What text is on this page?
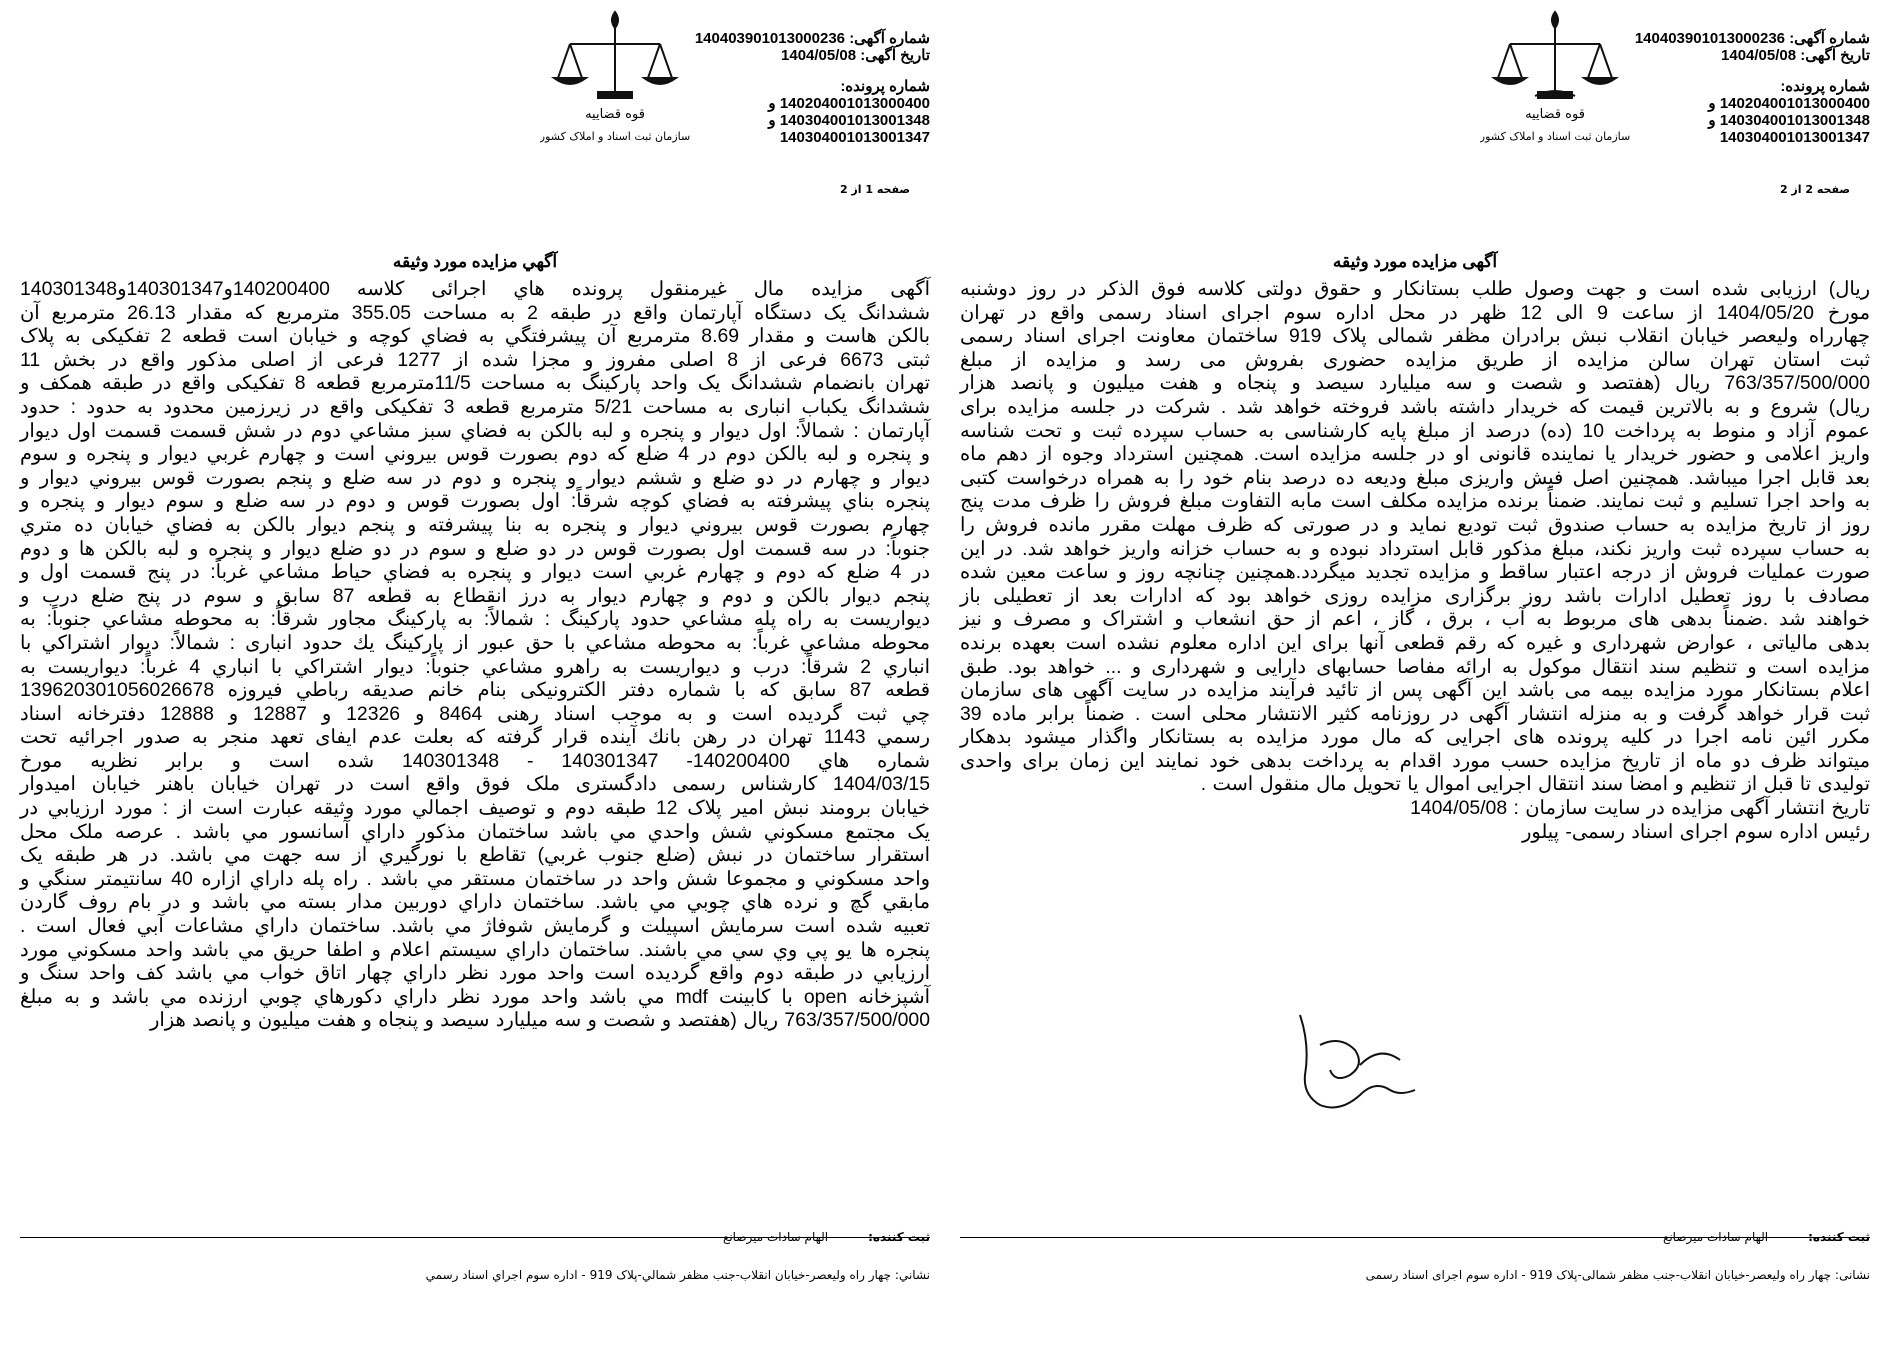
قوه قضاییه
سازمان ثبت اسناد و املاک کشور
شماره آگهی: 140403901013000236
تاریخ آگهی: 1404/05/08
شماره پرونده: 140204001013000400 و
140304001013001348 و
140304001013001347
صفحه 2 از 2
آگهی مزایده مورد وثیقه
ریال) ارزیابی شده است و جهت وصول طلب بستانکار و حقوق دولتی کلاسه فوق الذکر در روز دوشنبه
مورخ 1404/05/20 از ساعت 9 الی 12 ظهر در محل اداره سوم اجرای اسناد رسمی واقع در تهران
چهارراه ولیعصر خیابان انقلاب نبش برادران مظفر شمالی پلاک 919 ساختمان معاونت اجرای اسناد رسمی
ثبت استان تهران سالن مزایده از طریق مزایده حضوری بفروش می رسد و مزایده از مبلغ
763/357/500/000 ریال (هفتصد و شصت و سه میلیارد سیصد و پنجاه و هفت میلیون و پانصد هزار
ریال) شروع و به بالاترین قیمت که خریدار داشته باشد فروخته خواهد شد . شرکت در جلسه مزایده برای
عموم آزاد و منوط به پرداخت 10 (ده) درصد از مبلغ پایه کارشناسی به حساب سپرده ثبت و تحت شناسه
واریز اعلامی و حضور خریدار یا نماینده قانونی او در جلسه مزایده است. همچنین استرداد وجوه از دهم ماه
بعد قابل اجرا میباشد. همچنین اصل فیش واریزی مبلغ ودیعه ده درصد بنام خود را به همراه درخواست کتبی
به واحد اجرا تسلیم و ثبت نمایند. ضمناً برنده مزایده مکلف است مابه التفاوت مبلغ فروش را ظرف مدت پنج
روز از تاریخ مزایده به حساب صندوق ثبت تودیع نماید و در صورتی که ظرف مهلت مقرر مانده فروش را
به حساب سپرده ثبت واریز نکند، مبلغ مذکور قابل استرداد نبوده و به حساب خزانه واریز خواهد شد. در این
صورت عملیات فروش از درجه اعتبار ساقط و مزایده تجدید میگردد.همچنین چنانچه روز و ساعت معین شده
مصادف با روز تعطیل ادارات باشد روز برگزاری مزایده روزی خواهد بود که ادارات بعد از تعطیلی باز
خواهند شد .ضمناً بدهی های مربوط به آب ، برق ، گاز ، اعم از حق انشعاب و اشتراک و مصرف و نیز
بدهی مالیاتی ، عوارض شهرداری و غیره که رقم قطعی آنها برای این اداره معلوم نشده است بعهده برنده
مزایده است و تنظیم سند انتقال موکول به ارائه مفاصا حسابهای دارایی و شهرداری و ... خواهد بود. طبق
اعلام بستانکار مورد مزایده بیمه می باشد این آگهی پس از تائید فرآیند مزایده در سایت آگهی های سازمان
ثبت قرار خواهد گرفت و به منزله انتشار آگهی در روزنامه کثیر الانتشار محلی است . ضمناً برابر ماده 39
مکرر ائین نامه اجرا در کلیه پرونده های اجرایی که مال مورد مزایده به بستانکار واگذار میشود بدهکار
میتواند ظرف دو ماه از تاریخ مزایده حسب مورد اقدام به پرداخت بدهی خود نمایند این زمان برای واحدی
تولیدی تا قبل از تنظیم و امضا سند انتقال اجرایی اموال یا تحویل مال منقول است .
تاریخ انتشار آگهی مزایده در سایت سازمان : 1404/05/08
رئیس اداره سوم اجرای اسناد رسمی- پیلور
ثبت کننده:
الهام سادات میرصانع
نشانی: چهار راه ولیعصر-خیابان انقلاب-جنب مظفر شمالی-پلاک 919 - اداره سوم اجرای اسناد رسمی
قوه قضاییه
سازمان ثبت اسناد و املاک کشور
شماره آگهی: 140403901013000236
تاریخ آگهی: 1404/05/08
شماره پرونده: 140204001013000400 و
140304001013001348 و
140304001013001347
صفحه 1 از 2
آگهي مزايده مورد وثيقه
آگهی مزایده مال غیرمنقول پرونده هاي اجرائی کلاسه 140200400و140301347و140301348
ششدانگ یک دستگاه آپارتمان واقع در طبقه 2 به مساحت 355.05 مترمربع که مقدار 26.13 مترمربع آن
بالکن هاست و مقدار 8.69 مترمربع آن پیشرفتگي به فضاي کوچه و خیابان است قطعه 2 تفکیکی به پلاک
ثبتی 6673 فرعی از 8 اصلی مفروز و مجزا شده از 1277 فرعی از اصلی مذکور واقع در بخش 11
تهران بانضمام ششدانگ یک واحد پارکینگ به مساحت 11/5مترمربع قطعه 8 تفکیکی واقع در طبقه همکف و
ششدانگ یکباب انباری به مساحت 5/21 مترمربع قطعه 3 تفکیکی واقع در زیرزمین محدود به حدود : حدود
آپارتمان : شمالاً: اول ديوار و پنجره و لبه بالکن به فضاي سبز مشاعي دوم در شش قسمت قسمت اول ديوار
و پنجره و لبه بالکن دوم در 4 ضلع که دوم بصورت قوس بيروني است و چهارم غربي ديوار و پنجره و سوم
ديوار و چهارم در دو ضلع و ششم ديوار و پنجره و دوم در سه ضلع و پنجم بصورت قوس بيروني ديوار و
پنجره بناي پيشرفته به فضاي کوچه شرقاً: اول بصورت قوس و دوم در سه ضلع و سوم ديوار و پنجره و
چهارم بصورت قوس بيروني ديوار و پنجره به بنا پيشرفته و پنجم ديوار بالکن به فضاي خيابان ده متري
جنوباً: در سه قسمت اول بصورت قوس در دو ضلع و سوم در دو ضلع ديوار و پنجره و لبه بالکن ها و دوم
در 4 ضلع که دوم و چهارم غربي است ديوار و پنجره به فضاي حياط مشاعي غرباً: در پنج قسمت اول و
پنجم ديوار بالکن و دوم و چهارم ديوار به درز انقطاع به قطعه 87 سابق و سوم در پنج ضلع درب و
ديواريست به راه پله مشاعي حدود پارکينگ : شمالاً: به پارکينگ مجاور شرقاً: به محوطه مشاعي جنوباً: به
محوطه مشاعي غرباً: به محوطه مشاعي با حق عبور از پارکينگ يك حدود انباری : شمالاً: ديوار اشتراکي با
انباري 2 شرقاً: درب و ديواريست به راهرو مشاعي جنوباً: ديوار اشتراکي با انباري 4 غرباً: ديواريست به
قطعه 87 سابق که با شماره دفتر الکترونیکی 13962030105602667‪8 بنام خانم صدیقه رباطي فيروزه
چي ثبت گرديده است و به موجب اسناد رهنی 8464 و 12326 و 12887 و 12888 دفترخانه اسناد
رسمي 1143 تهران در رهن بانك آینده قرار گرفته که بعلت عدم ایفای تعهد منجر به صدور اجرائيه تحت
شماره هاي 140200400- 140301347 - 140301348 شده است و برابر نظريه مورخ
1404/03/15 کارشناس رسمی دادگستری ملک فوق واقع است در تهران خيابان باهنر خيابان اميدوار
خيابان برومند نبش امير پلاک 12 طبقه دوم و توصيف اجمالي مورد وثيقه عبارت است از : مورد ارزيابي در
يک مجتمع مسکوني شش واحدي مي باشد ساختمان مذکور داراي آسانسور مي باشد . عرصه ملک محل
استقرار ساختمان در نبش (ضلع جنوب غربي) تقاطع با نورگيري از سه جهت مي باشد. در هر طبقه يک
واحد مسکوني و مجموعا شش واحد در ساختمان مستقر مي باشد . راه پله داراي ازاره 40 سانتيمتر سنگي و
مابقي گچ و نرده هاي چوبي مي باشد. ساختمان داراي دوربين مدار بسته مي باشد و در بام روف گاردن
تعبيه شده است سرمايش اسپيلت و گرمايش شوفاژ مي باشد. ساختمان داراي مشاعات آبي فعال است .
پنجره ها يو پي وي سي مي باشند. ساختمان داراي سيستم اعلام و اطفا حريق مي باشد واحد مسکوني مورد
ارزيابي در طبقه دوم واقع گرديده است واحد مورد نظر داراي چهار اتاق خواب مي باشد کف واحد سنگ و
آشپزخانه open با کابينت mdf مي باشد واحد مورد نظر داراي دکورهاي چوبي ارزنده مي باشد و به مبلغ
763/357/500/000 ریال (هفتصد و شصت و سه میلیارد سیصد و پنجاه و هفت میلیون و پانصد هزار
ثبت کننده:
الهام سادات میرصانع
نشاني: چهار راه وليعصر-خيابان انقلاب-جنب مظفر شمالي-پلاک 919 - اداره سوم اجراي اسناد رسمي
